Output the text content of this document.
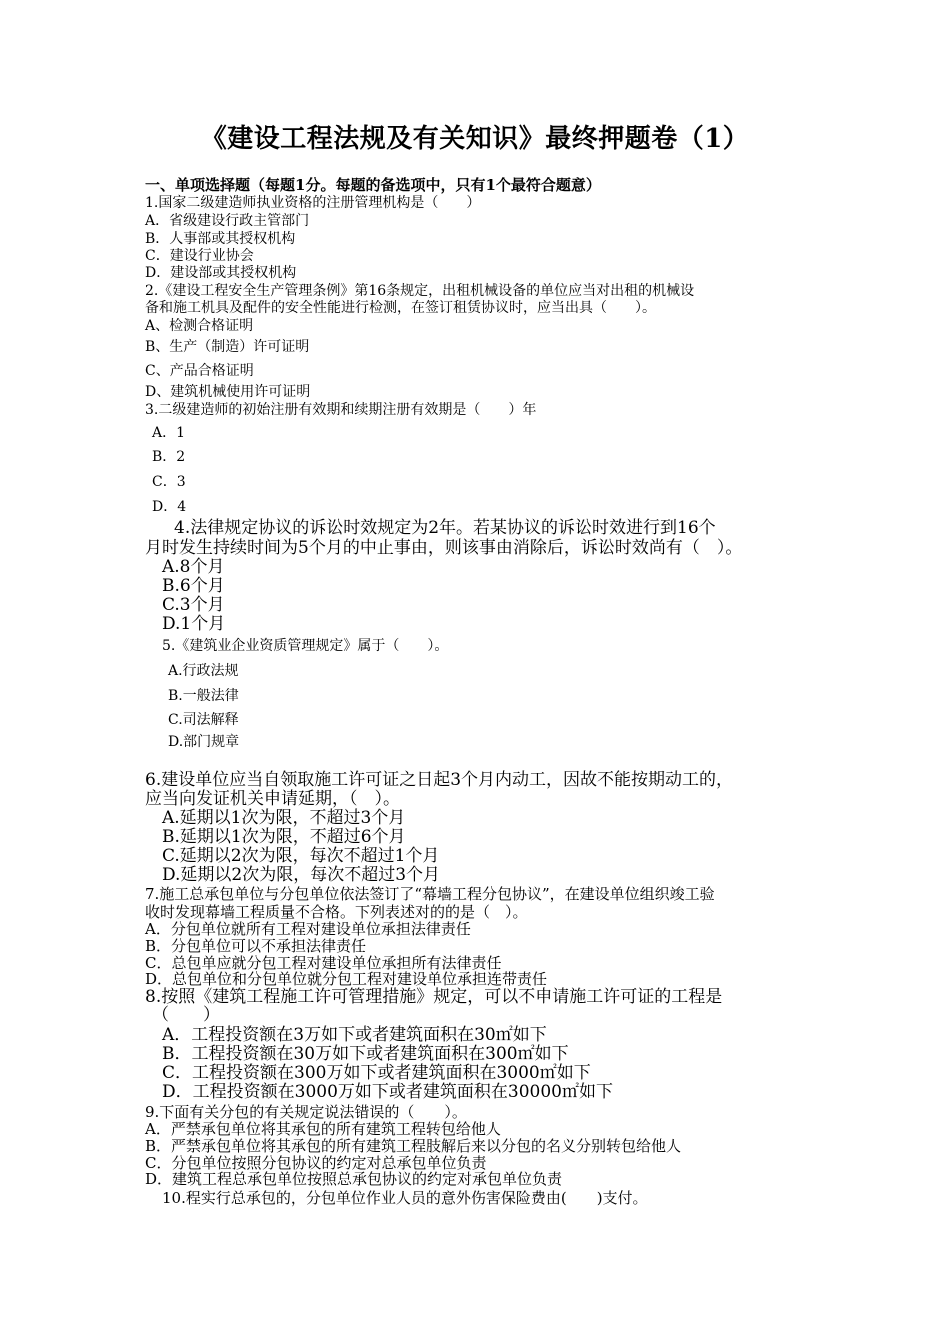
《建设工程法规及有关知识》最终押题卷（1）
一、单项选择题（每题1分。每题的备选项中，只有1个最符合题意）
1.国家二级建造师执业资格的注册管理机构是（　　）
A．省级建设行政主管部门
B．人事部或其授权机构
C．建设行业协会
D．建设部或其授权机构
2.《建设工程安全生产管理条例》第16条规定，出租机械设备的单位应当对出租的机械设
备和施工机具及配件的安全性能进行检测，在签订租赁协议时，应当出具（　　）。
A、检测合格证明
B、生产（制造）许可证明
C、产品合格证明
D、建筑机械使用许可证明
3.二级建造师的初始注册有效期和续期注册有效期是（　　）年
A．1
B．2
C．3
D．4
4.法律规定协议的诉讼时效规定为2年。若某协议的诉讼时效进行到16个
月时发生持续时间为5个月的中止事由，则该事由消除后，诉讼时效尚有（　）。
A.8个月
B.6个月
C.3个月
D.1个月
5.《建筑业企业资质管理规定》属于（　　）。
A.行政法规
B.一般法律
C.司法解释
D.部门规章
6.建设单位应当自领取施工许可证之日起3个月内动工，因故不能按期动工的，
应当向发证机关申请延期，（　）。
A.延期以1次为限，不超过3个月
B.延期以1次为限，不超过6个月
C.延期以2次为限，每次不超过1个月
D.延期以2次为限，每次不超过3个月
7.施工总承包单位与分包单位依法签订了“幕墙工程分包协议”，在建设单位组织竣工验
收时发现幕墙工程质量不合格。下列表述对的的是（　）。
A．分包单位就所有工程对建设单位承担法律责任
B．分包单位可以不承担法律责任
C．总包单应就分包工程对建设单位承担所有法律责任
D．总包单位和分包单位就分包工程对建设单位承担连带责任
8.按照《建筑工程施工许可管理措施》规定，可以不申请施工许可证的工程是
（　　）
A．工程投资额在3万如下或者建筑面积在30㎡如下
B．工程投资额在30万如下或者建筑面积在300㎡如下
C．工程投资额在300万如下或者建筑面积在3000㎡如下
D．工程投资额在3000万如下或者建筑面积在30000㎡如下
9.下面有关分包的有关规定说法错误的（　　）。
A．严禁承包单位将其承包的所有建筑工程转包给他人
B．严禁承包单位将其承包的所有建筑工程肢解后来以分包的名义分别转包给他人
C．分包单位按照分包协议的约定对总承包单位负责
D．建筑工程总承包单位按照总承包协议的约定对承包单位负责
10.程实行总承包的，分包单位作业人员的意外伤害保险费由(　　)支付。
